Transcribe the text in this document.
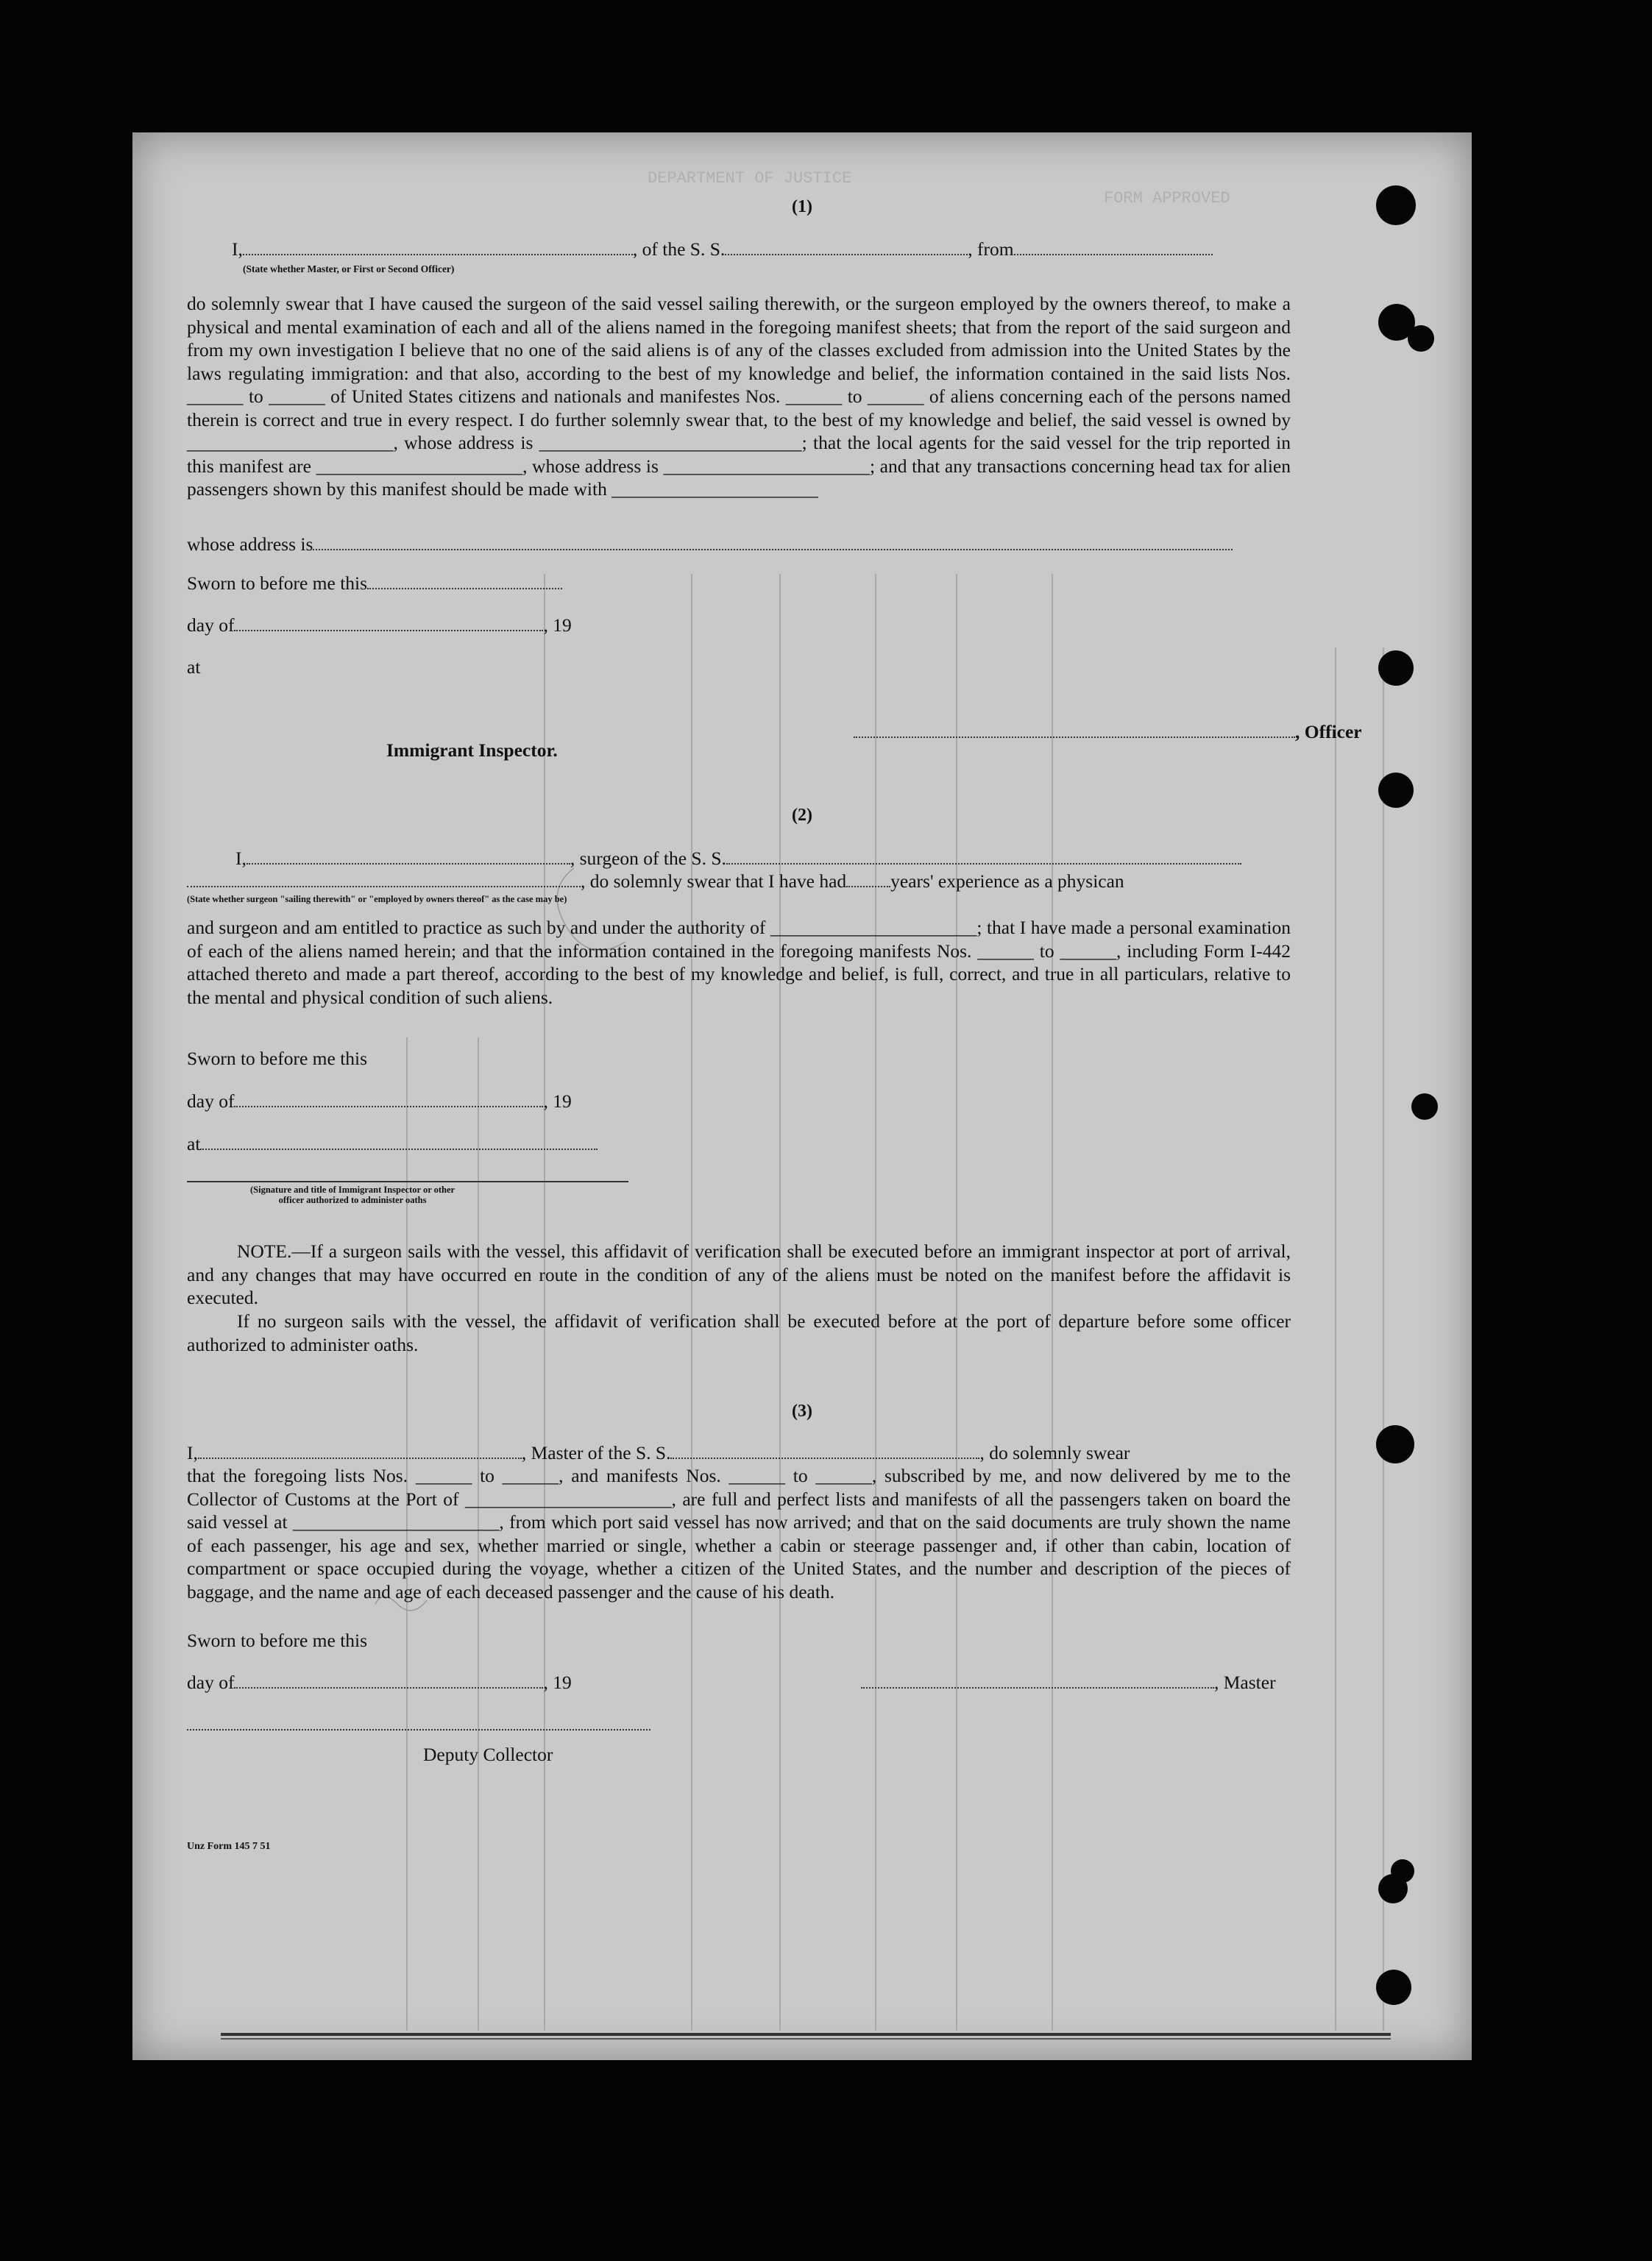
DEPARTMENT OF JUSTICE
FORM APPROVED
(1)
I,	, of the S. S.	, from
(State whether Master, or First or Second Officer)
do solemnly swear that I have caused the surgeon of the said vessel sailing therewith, or the surgeon employed by the owners thereof, to make a physical and mental examination of each and all of the aliens named in the foregoing manifest sheets; that from the report of the said surgeon and from my own investigation I believe that no one of the said aliens is of any of the classes excluded from admission into the United States by the laws regulating immigration: and that also, according to the best of my knowledge and belief, the information contained in the said lists Nos. ______ to ______ of United States citizens and nationals and manifestes Nos. ______ to ______ of aliens concerning each of the persons named therein is correct and true in every respect. I do further solemnly swear that, to the best of my knowledge and belief, the said vessel is owned by ______________________, whose address is ____________________________; that the local agents for the said vessel for the trip reported in this manifest are ______________________, whose address is ______________________; and that any transactions concerning head tax for alien passengers shown by this manifest should be made with ______________________
whose address is
Sworn to before me this
day of	, 19
at
, Officer
Immigrant Inspector.
(2)
I,	, surgeon of the S. S.
, do solemnly swear that I have had years' experience as a physican
(State whether surgeon "sailing therewith" or "employed by owners thereof" as the case may be)
and surgeon and am entitled to practice as such by and under the authority of ______________________; that I have made a personal examination of each of the aliens named herein; and that the information contained in the foregoing manifests Nos. ______ to ______, including Form I-442 attached thereto and made a part thereof, according to the best of my knowledge and belief, is full, correct, and true in all particulars, relative to the mental and physical condition of such aliens.
Sworn to before me this
day of	, 19
at
(Signature and title of Immigrant Inspector or other
officer authorized to administer oaths
NOTE.—If a surgeon sails with the vessel, this affidavit of verification shall be executed before an immigrant inspector at port of arrival, and any changes that may have occurred en route in the condition of any of the aliens must be noted on the manifest before the affidavit is executed.
If no surgeon sails with the vessel, the affidavit of verification shall be executed before at the port of departure before some officer authorized to administer oaths.
(3)
I,	, Master of the S. S.	, do solemnly swear
that the foregoing lists Nos. ______ to ______, and manifests Nos. ______ to ______, subscribed by me, and now delivered by me to the Collector of Customs at the Port of ______________________, are full and perfect lists and manifests of all the passengers taken on board the said vessel at ______________________, from which port said vessel has now arrived; and that on the said documents are truly shown the name of each passenger, his age and sex, whether married or single, whether a cabin or steerage passenger and, if other than cabin, location of compartment or space occupied during the voyage, whether a citizen of the United States, and the number and description of the pieces of baggage, and the name and age of each deceased passenger and the cause of his death.
Sworn to before me this
day of	, 19	, Master
Deputy Collector
Unz Form 145 7 51
